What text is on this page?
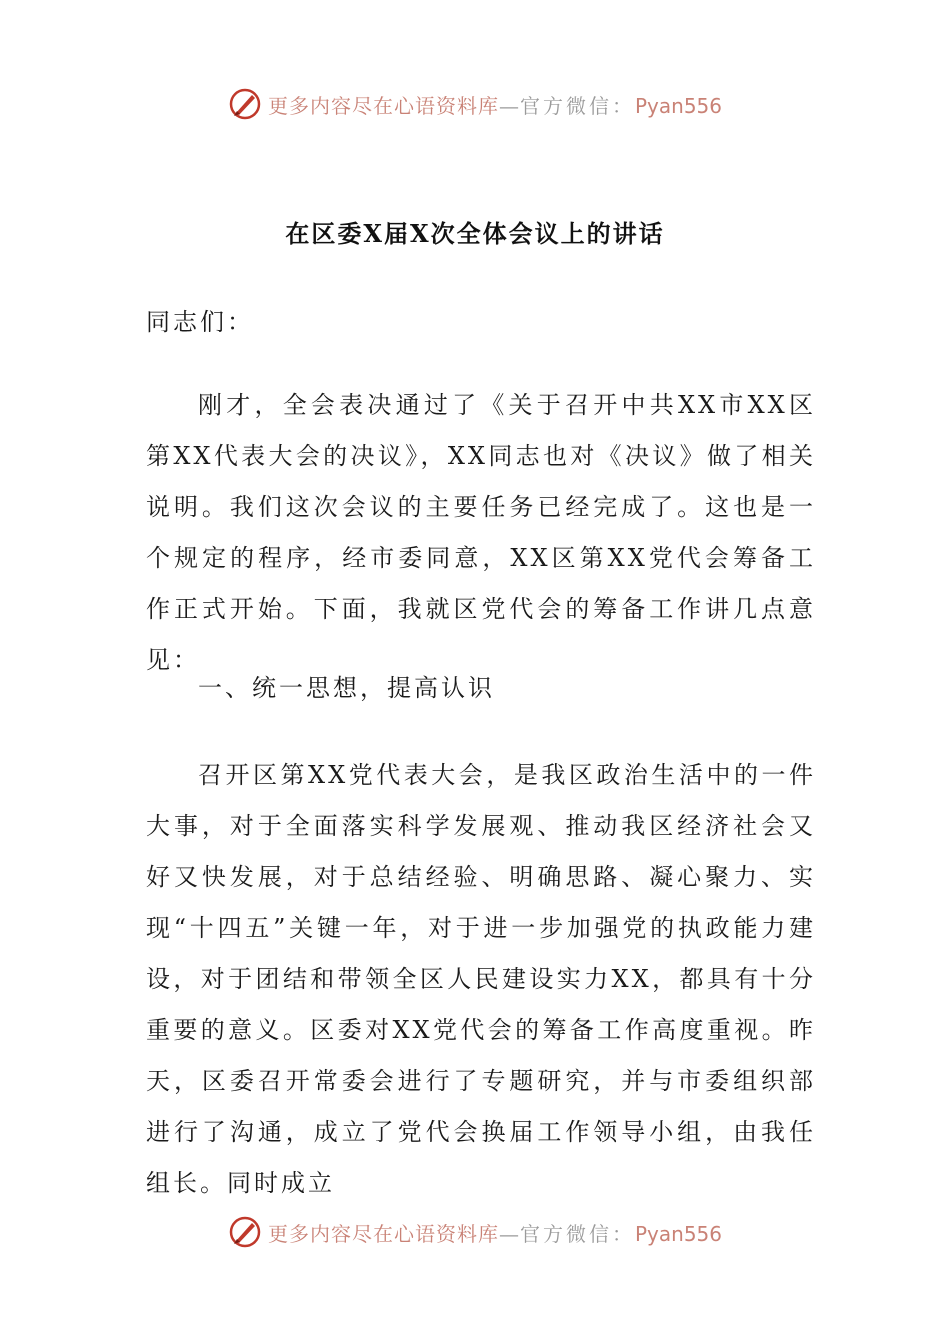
更多内容尽在心语资料库—官方微信：Pyan556
在区委X届X次全体会议上的讲话
同志们：

刚才，全会表决通过了《关于召开中共XX市XX区第XX代表大会的决议》，XX同志也对《决议》做了相关说明。我们这次会议的主要任务已经完成了。这也是一个规定的程序，经市委同意，XX区第XX党代会筹备工作正式开始。下面，我就区党代会的筹备工作讲几点意见：

一、统一思想，提高认识

召开区第XX党代表大会，是我区政治生活中的一件大事，对于全面落实科学发展观、推动我区经济社会又好又快发展，对于总结经验、明确思路、凝心聚力、实现“十四五”关键一年，对于进一步加强党的执政能力建设，对于团结和带领全区人民建设实力XX，都具有十分重要的意义。区委对XX党代会的筹备工作高度重视。昨天，区委召开常委会进行了专题研究，并与市委组织部进行了沟通，成立了党代会换届工作领导小组，由我任组长。同时成立

更多内容尽在心语资料库—官方微信：Pyan556
